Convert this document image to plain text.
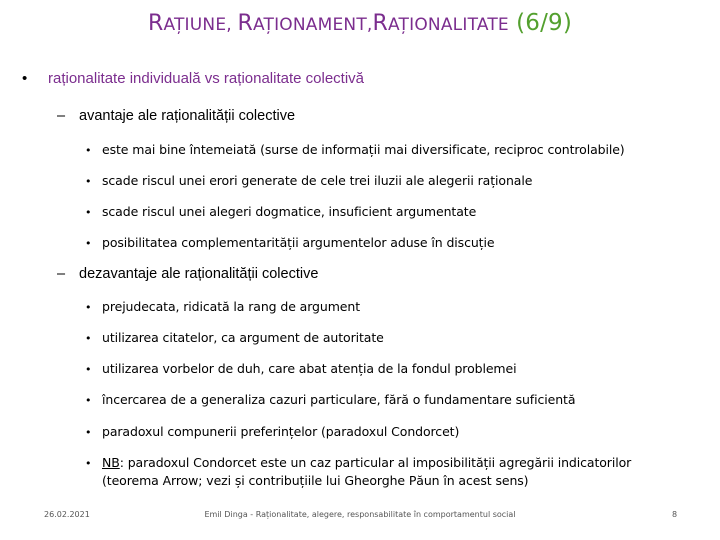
RAȚIUNE, RAȚIONAMENT,RAȚIONALITATE (6/9)
• raționalitate individuală vs raționalitate colectivă
– avantaje ale raționalității colective
• este mai bine întemeiată (surse de informații mai diversificate, reciproc controlabile)
• scade riscul unei erori generate de cele trei iluzii ale alegerii raționale
• scade riscul unei alegeri dogmatice, insuficient argumentate
• posibilitatea complementarității argumentelor aduse în discuție
– dezavantaje ale raționalității colective
• prejudecata, ridicată la rang de argument
• utilizarea citatelor, ca argument de autoritate
• utilizarea vorbelor de duh, care abat atenția de la fondul problemei
• încercarea de a generaliza cazuri particulare, fără o fundamentare suficientă
• paradoxul compunerii preferințelor (paradoxul Condorcet)
• NB: paradoxul Condorcet este un caz particular al imposibilității agregării indicatorilor
(teorema Arrow; vezi și contribuțiile lui Gheorghe Păun în acest sens)
26.02.2021	Emil Dinga - Raționalitate, alegere, responsabilitate în comportamentul social	8
